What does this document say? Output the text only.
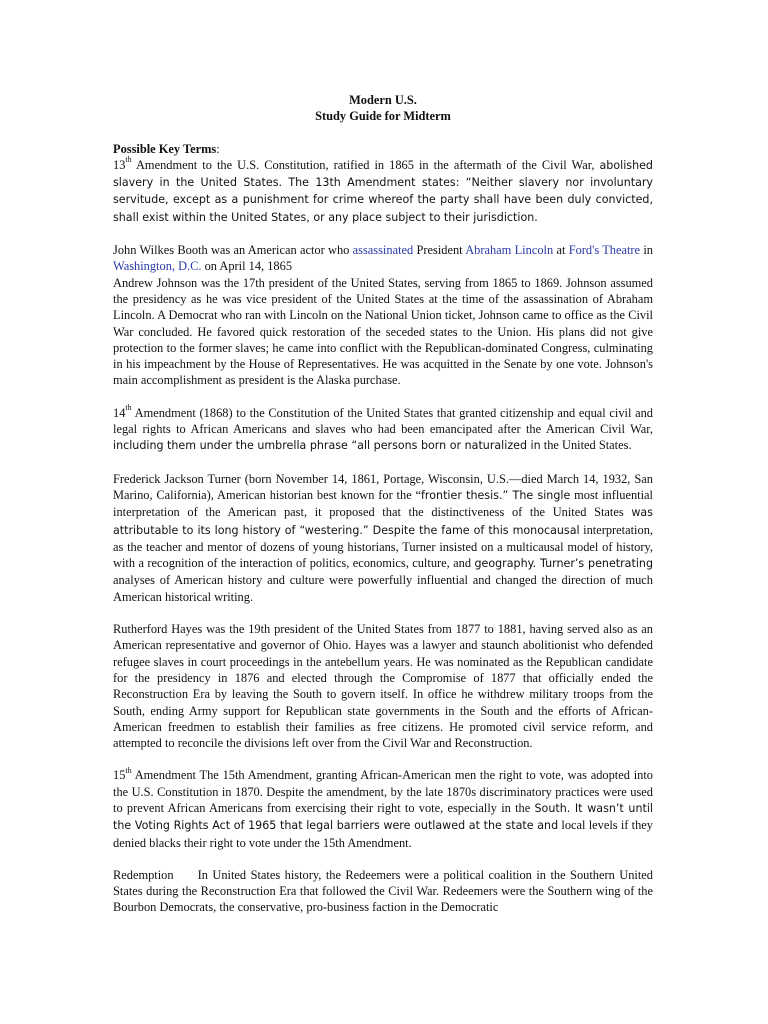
Modern U.S.
Study Guide for Midterm
Possible Key Terms:

13th Amendment to the U.S. Constitution, ratified in 1865 in the aftermath of the Civil War, abolished slavery in the United States. The 13th Amendment states: “Neither slavery nor involuntary servitude, except as a punishment for crime whereof the party shall have been duly convicted, shall exist within the United States, or any place subject to their jurisdiction.

John Wilkes Booth was an American actor who assassinated President Abraham Lincoln at Ford's Theatre in Washington, D.C. on April 14, 1865
Andrew Johnson was the 17th president of the United States, serving from 1865 to 1869. Johnson assumed the presidency as he was vice president of the United States at the time of the assassination of Abraham Lincoln. A Democrat who ran with Lincoln on the National Union ticket, Johnson came to office as the Civil War concluded. He favored quick restoration of the seceded states to the Union. His plans did not give protection to the former slaves; he came into conflict with the Republican-dominated Congress, culminating in his impeachment by the House of Representatives. He was acquitted in the Senate by one vote. Johnson's main accomplishment as president is the Alaska purchase.

14th Amendment (1868) to the Constitution of the United States that granted citizenship and equal civil and legal rights to African Americans and slaves who had been emancipated after the American Civil War, including them under the umbrella phrase “all persons born or naturalized in the United States.

Frederick Jackson Turner (born November 14, 1861, Portage, Wisconsin, U.S.—died March 14, 1932, San Marino, California), American historian best known for the “frontier thesis.” The single most influential interpretation of the American past, it proposed that the distinctiveness of the United States was attributable to its long history of “westering.” Despite the fame of this monocausal interpretation, as the teacher and mentor of dozens of young historians, Turner insisted on a multicausal model of history, with a recognition of the interaction of politics, economics, culture, and geography. Turner’s penetrating analyses of American history and culture were powerfully influential and changed the direction of much American historical writing.

Rutherford Hayes was the 19th president of the United States from 1877 to 1881, having served also as an American representative and governor of Ohio. Hayes was a lawyer and staunch abolitionist who defended refugee slaves in court proceedings in the antebellum years. He was nominated as the Republican candidate for the presidency in 1876 and elected through the Compromise of 1877 that officially ended the Reconstruction Era by leaving the South to govern itself. In office he withdrew military troops from the South, ending Army support for Republican state governments in the South and the efforts of African-American freedmen to establish their families as free citizens. He promoted civil service reform, and attempted to reconcile the divisions left over from the Civil War and Reconstruction.

15th Amendment The 15th Amendment, granting African-American men the right to vote, was adopted into the U.S. Constitution in 1870. Despite the amendment, by the late 1870s discriminatory practices were used to prevent African Americans from exercising their right to vote, especially in the South. It wasn’t until the Voting Rights Act of 1965 that legal barriers were outlawed at the state and local levels if they denied blacks their right to vote under the 15th Amendment.

Redemption In United States history, the Redeemers were a political coalition in the Southern United States during the Reconstruction Era that followed the Civil War. Redeemers were the Southern wing of the Bourbon Democrats, the conservative, pro-business faction in the Democratic
